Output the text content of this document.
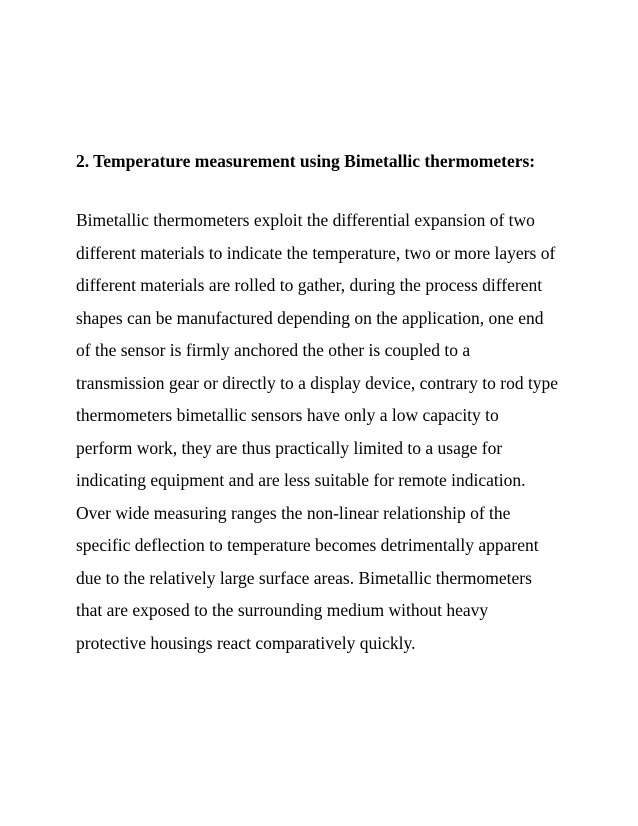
2. Temperature measurement using Bimetallic thermometers:
Bimetallic thermometers exploit the differential expansion of two
different materials to indicate the temperature, two or more layers of
different materials are rolled to gather, during the process different
shapes can be manufactured depending on the application, one end
of the sensor is firmly anchored the other is coupled to a
transmission gear or directly to a display device, contrary to rod type
thermometers bimetallic sensors have only a low capacity to
perform work, they are thus practically limited to a usage for
indicating equipment and are less suitable for remote indication.
Over wide measuring ranges the non-linear relationship of the
specific deflection to temperature becomes detrimentally apparent
due to the relatively large surface areas. Bimetallic thermometers
that are exposed to the surrounding medium without heavy
protective housings react comparatively quickly.
